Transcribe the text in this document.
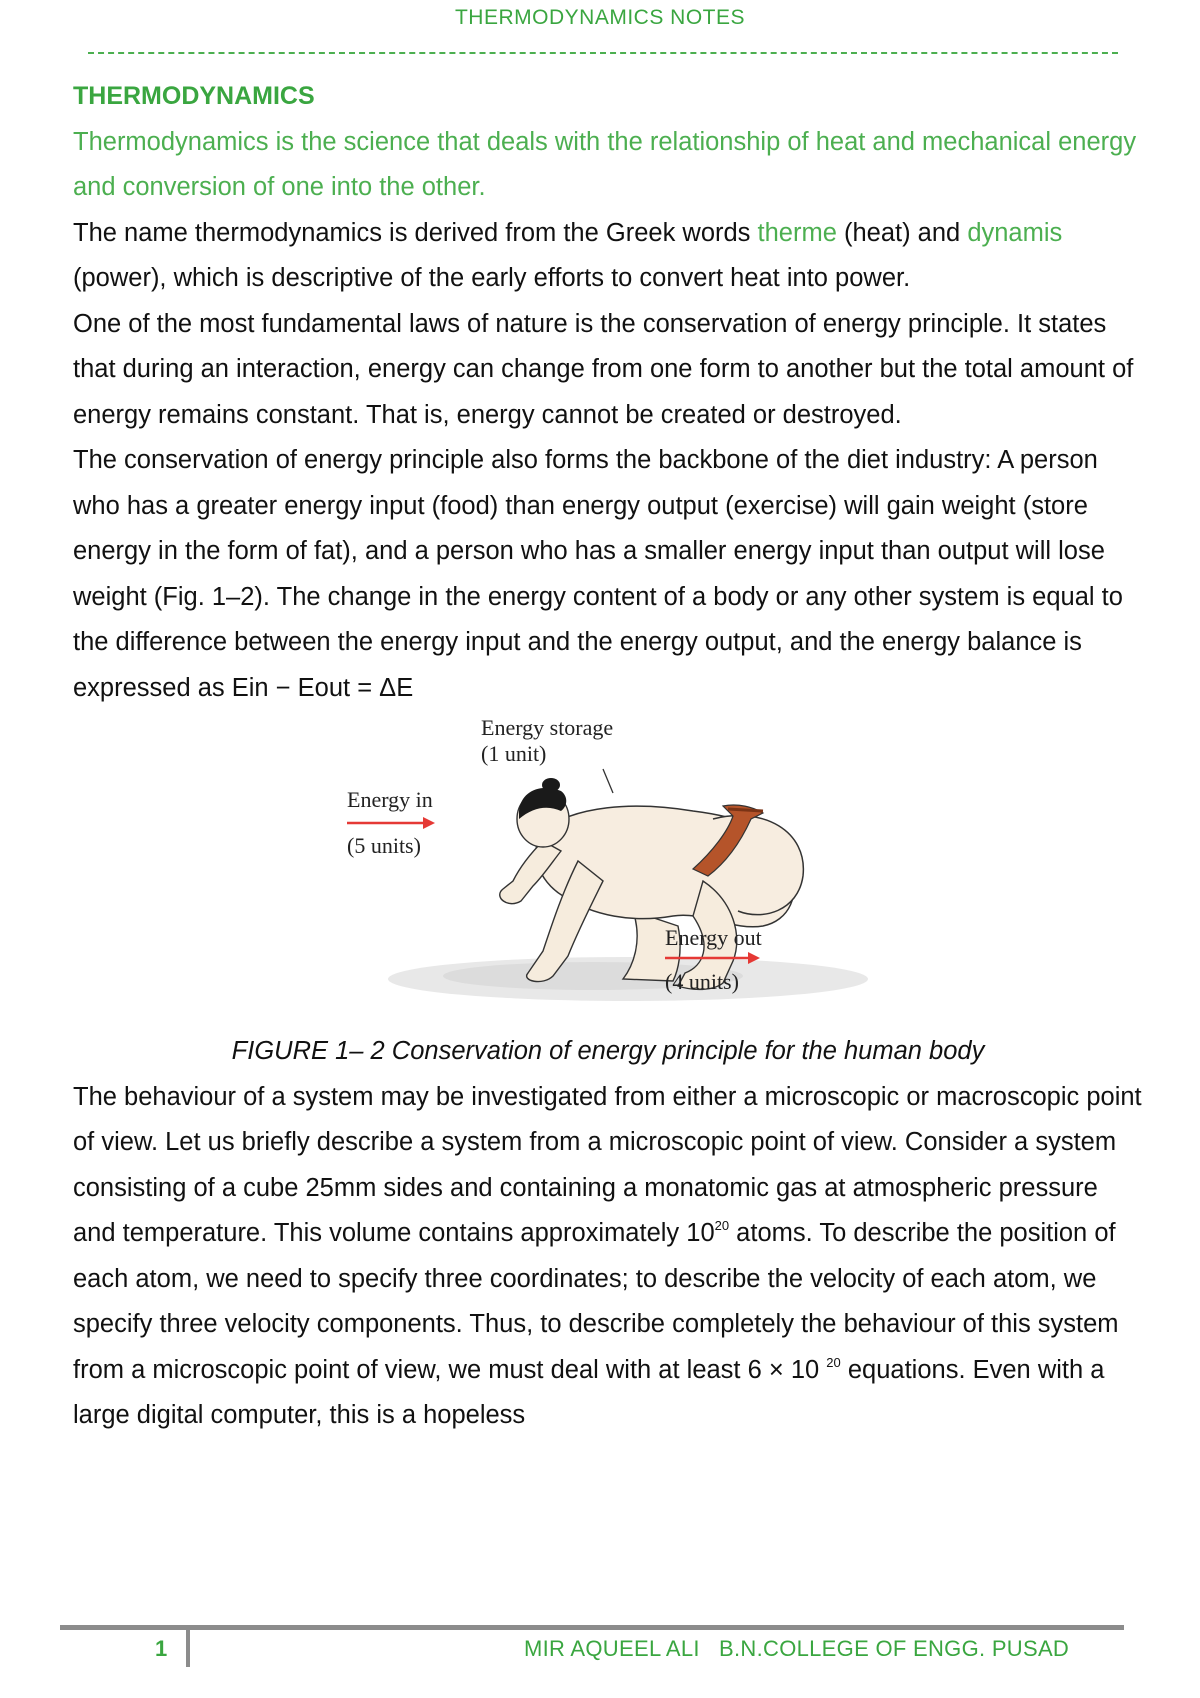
THERMODYNAMICS NOTES

THERMODYNAMICS

Thermodynamics is the science that deals with the relationship of heat and mechanical energy and conversion of one into the other.

The name thermodynamics is derived from the Greek words therme (heat) and dynamis (power), which is descriptive of the early efforts to convert heat into power.

One of the most fundamental laws of nature is the conservation of energy principle. It states that during an interaction, energy can change from one form to another but the total amount of energy remains constant. That is, energy cannot be created or destroyed.

The conservation of energy principle also forms the backbone of the diet industry: A person who has a greater energy input (food) than energy output (exercise) will gain weight (store energy in the form of fat), and a person who has a smaller energy input than output will lose weight (Fig. 1–2). The change in the energy content of a body or any other system is equal to the difference between the energy input and the energy output, and the energy balance is expressed as Ein − Eout = ΔE

Energy storage
(1 unit)
Energy in
(5 units)
Energy out
(4 units)

FIGURE 1– 2 Conservation of energy principle for the human body

The behaviour of a system may be investigated from either a microscopic or macroscopic point of view. Let us briefly describe a system from a microscopic point of view. Consider a system consisting of a cube 25mm sides and containing a monatomic gas at atmospheric pressure and temperature. This volume contains approximately $10^{20}$ atoms. To describe the position of each atom, we need to specify three coordinates; to describe the velocity of each atom, we specify three velocity components. Thus, to describe completely the behaviour of this system from a microscopic point of view, we must deal with at least 6 × 10 $^{20}$ equations. Even with a large digital computer, this is a hopeless

1	MIR AQUEEL ALI   B.N.COLLEGE OF ENGG. PUSAD
